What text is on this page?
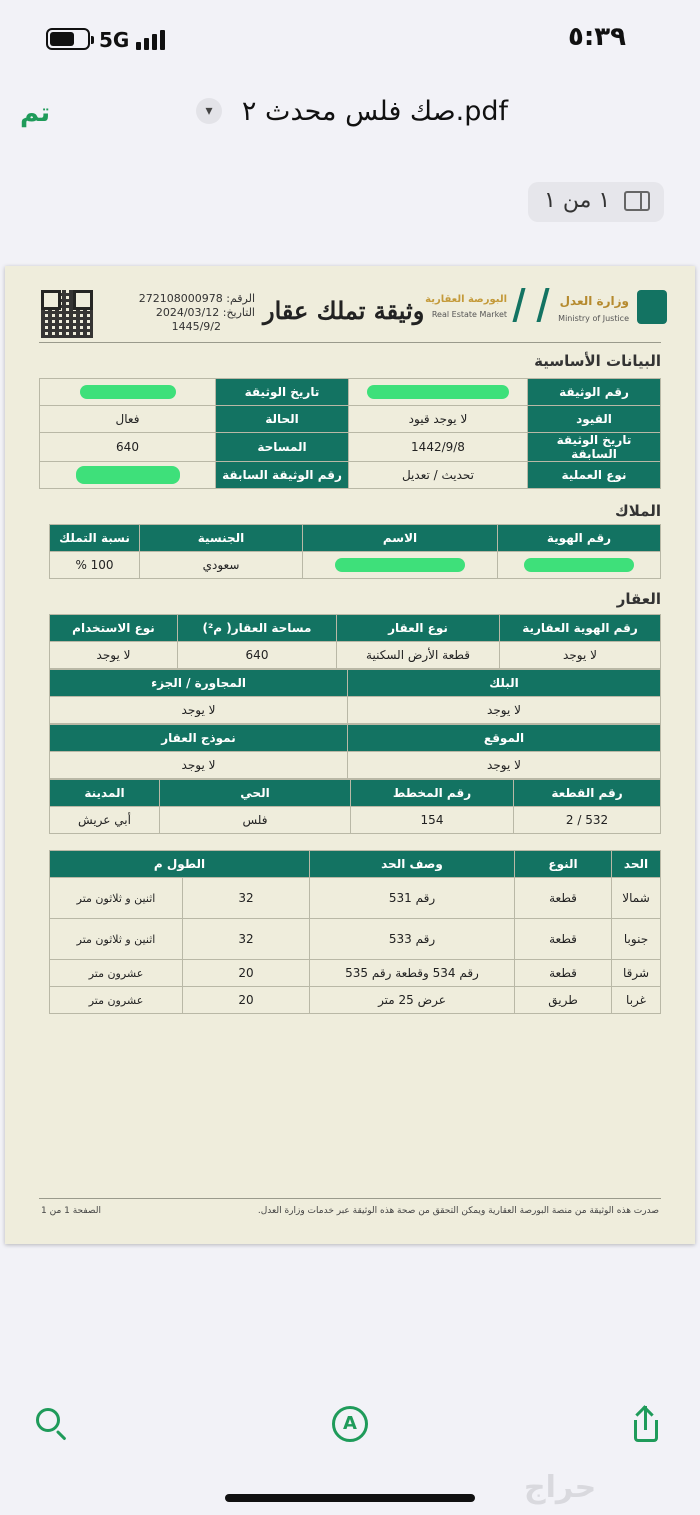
5G	٥:٣٩
تم	▾	صك فلس محدث ٢.pdf
١ من ١
الرقم: 272108000978
التاريخ: 2024/03/12
1445/9/2
وثيقة تملك عقار	وزارة العدل
Ministry of Justice
البورصة العقارية
Real Estate Market
البيانات الأساسية
رقم الوثيقة		تاريخ الوثيقة	
القيود	لا يوجد قيود	الحالة	فعال
تاريخ الوثيقة السابقة	1442/9/8	المساحة	640
نوع العملية	تحديث / تعديل	رقم الوثيقة السابقة	
الملاك
رقم الهوية	الاسم	الجنسية	نسبة التملك
		سعودي	100 %
العقار
رقم الهوية العقارية	نوع العقار	مساحة العقار( م²)	نوع الاستخدام
لا يوجد	قطعة الأرض السكنية	640	لا يوجد
البلك	المجاورة / الجزء
لا يوجد	لا يوجد
الموقع	نموذج العقار
لا يوجد	لا يوجد
رقم القطعة	رقم المخطط	الحي	المدينة
532 / 2	154	فلس	أبي عريش
الحد	النوع	وصف الحد	الطول م	
شمالا	قطعة	رقم 531	32	اثنين و ثلاثون متر
جنوبا	قطعة	رقم 533	32	اثنين و ثلاثون متر
شرقا	قطعة	رقم 534 وقطعة رقم 535	20	عشرون متر
غربا	طريق	عرض 25 متر	20	عشرون متر
صدرت هذه الوثيقة من منصة البورصة العقارية ويمكن التحقق من صحة هذه الوثيقة عبر خدمات وزارة العدل.
الصفحة 1 من 1
A
حراج
